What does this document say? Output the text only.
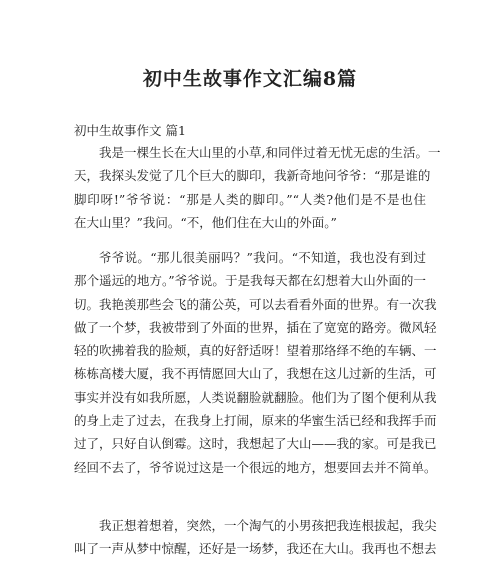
初中生故事作文汇编8篇
初中生故事作文 篇1
我是一棵生长在大山里的小草,和同伴过着无忧无虑的生活。一
天，我探头发觉了几个巨大的脚印，我新奇地问爷爷：“那是谁的
脚印呀!”爷爷说：“那是人类的脚印。”“人类?他们是不是也住
在大山里？”我问。“不，他们住在大山的外面。”
爷爷说。“那儿很美丽吗？”我问。“不知道，我也没有到过
那个遥远的地方。”爷爷说。于是我每天都在幻想着大山外面的一
切。我艳羡那些会飞的蒲公英，可以去看看外面的世界。有一次我
做了一个梦，我被带到了外面的世界，插在了宽宽的路旁。微风轻
轻的吹拂着我的脸颊，真的好舒适呀！望着那络绎不绝的车辆、一
栋栋高楼大厦，我不再情愿回大山了，我想在这儿过新的生活，可
事实并没有如我所愿，人类说翻脸就翻脸。他们为了图个便利从我
的身上走了过去，在我身上打闹，原来的华蜜生活已经和我挥手而
过了，只好自认倒霉。这时，我想起了大山——我的家。可是我已
经回不去了，爷爷说过这是一个很远的地方，想要回去并不简单。
我正想着想着，突然，一个淘气的小男孩把我连根拔起，我尖
叫了一声从梦中惊醒，还好是一场梦，我还在大山。我再也不想去
